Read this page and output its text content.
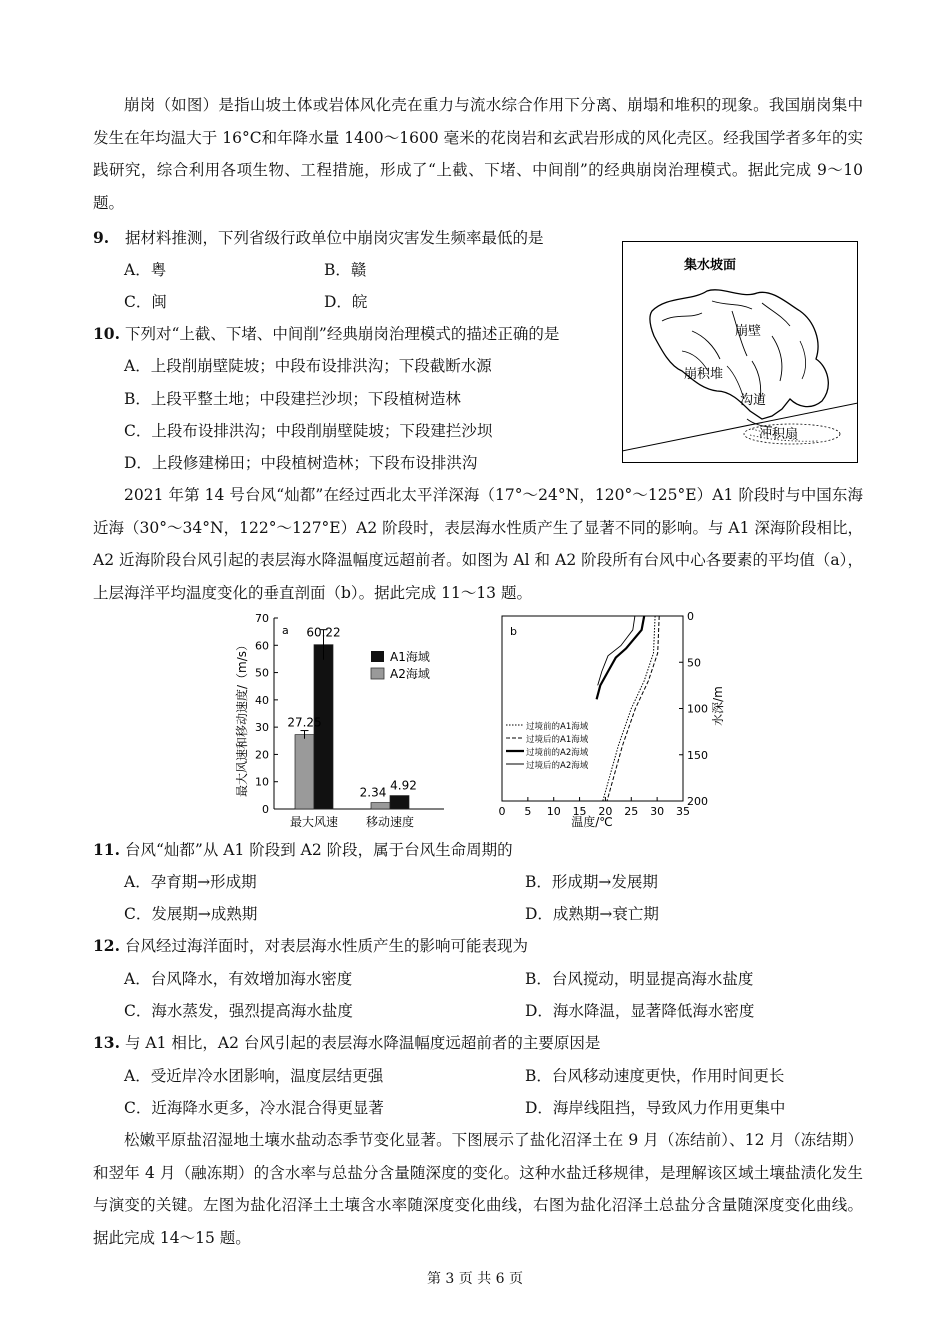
崩岗（如图）是指山坡土体或岩体风化壳在重力与流水综合作用下分离、崩塌和堆积的现象。我国崩岗集中发生在年均温大于 16°C和年降水量 1400～1600 毫米的花岗岩和玄武岩形成的风化壳区。经我国学者多年的实践研究，综合利用各项生物、工程措施，形成了“上截、下堵、中间削”的经典崩岗治理模式。据此完成 9～10 题。
9. 据材料推测，下列省级行政单位中崩岗灾害发生频率最低的是
A．粤	B．赣
C．闽	D．皖
10. 下列对“上截、下堵、中间削”经典崩岗治理模式的描述正确的是
A．上段削崩壁陡坡；中段布设排洪沟；下段截断水源
B．上段平整土地；中段建拦沙坝；下段植树造林
C．上段布设排洪沟；中段削崩壁陡坡；下段建拦沙坝
D．上段修建梯田；中段植树造林；下段布设排洪沟
集水坡面
崩壁
崩积堆
沟道
冲积扇
2021 年第 14 号台风“灿都”在经过西北太平洋深海（17°～24°N，120°～125°E）A1 阶段时与中国东海近海（30°～34°N，122°～127°E）A2 阶段时，表层海水性质产生了显著不同的影响。与 A1 深海阶段相比，A2 近海阶段台风引起的表层海水降温幅度远超前者。如图为 Al 和 A2 阶段所有台风中心各要素的平均值（a），上层海洋平均温度变化的垂直剖面（b）。据此完成 11～13 题。
0
10
20
30
40
50
60
70
27.25
60.22
2.34
4.92
a
最大风速和移动速度/（m/s）	A1海域
A2海域
最大风速 移动速度
0 5 10 15 20 25 30 35
0
50
100
150
200
b
温度/℃
水深/m
过境前的A1海域
过境后的A1海域
过境前的A2海域
过境后的A2海域
11. 台风“灿都”从 A1 阶段到 A2 阶段，属于台风生命周期的
A．孕育期→形成期	B．形成期→发展期
C．发展期→成熟期	D．成熟期→衰亡期
12. 台风经过海洋面时，对表层海水性质产生的影响可能表现为
A．台风降水，有效增加海水密度	B．台风搅动，明显提高海水盐度
C．海水蒸发，强烈提高海水盐度	D．海水降温，显著降低海水密度
13. 与 A1 相比，A2 台风引起的表层海水降温幅度远超前者的主要原因是
A．受近岸冷水团影响，温度层结更强	B．台风移动速度更快，作用时间更长
C．近海降水更多，冷水混合得更显著	D．海岸线阻挡，导致风力作用更集中
松嫩平原盐沼湿地土壤水盐动态季节变化显著。下图展示了盐化沼泽土在 9 月（冻结前）、12 月（冻结期）和翌年 4 月（融冻期）的含水率与总盐分含量随深度的变化。这种水盐迁移规律，是理解该区域土壤盐渍化发生与演变的关键。左图为盐化沼泽土土壤含水率随深度变化曲线，右图为盐化沼泽土总盐分含量随深度变化曲线。据此完成 14～15 题。
第 3 页 共 6 页
